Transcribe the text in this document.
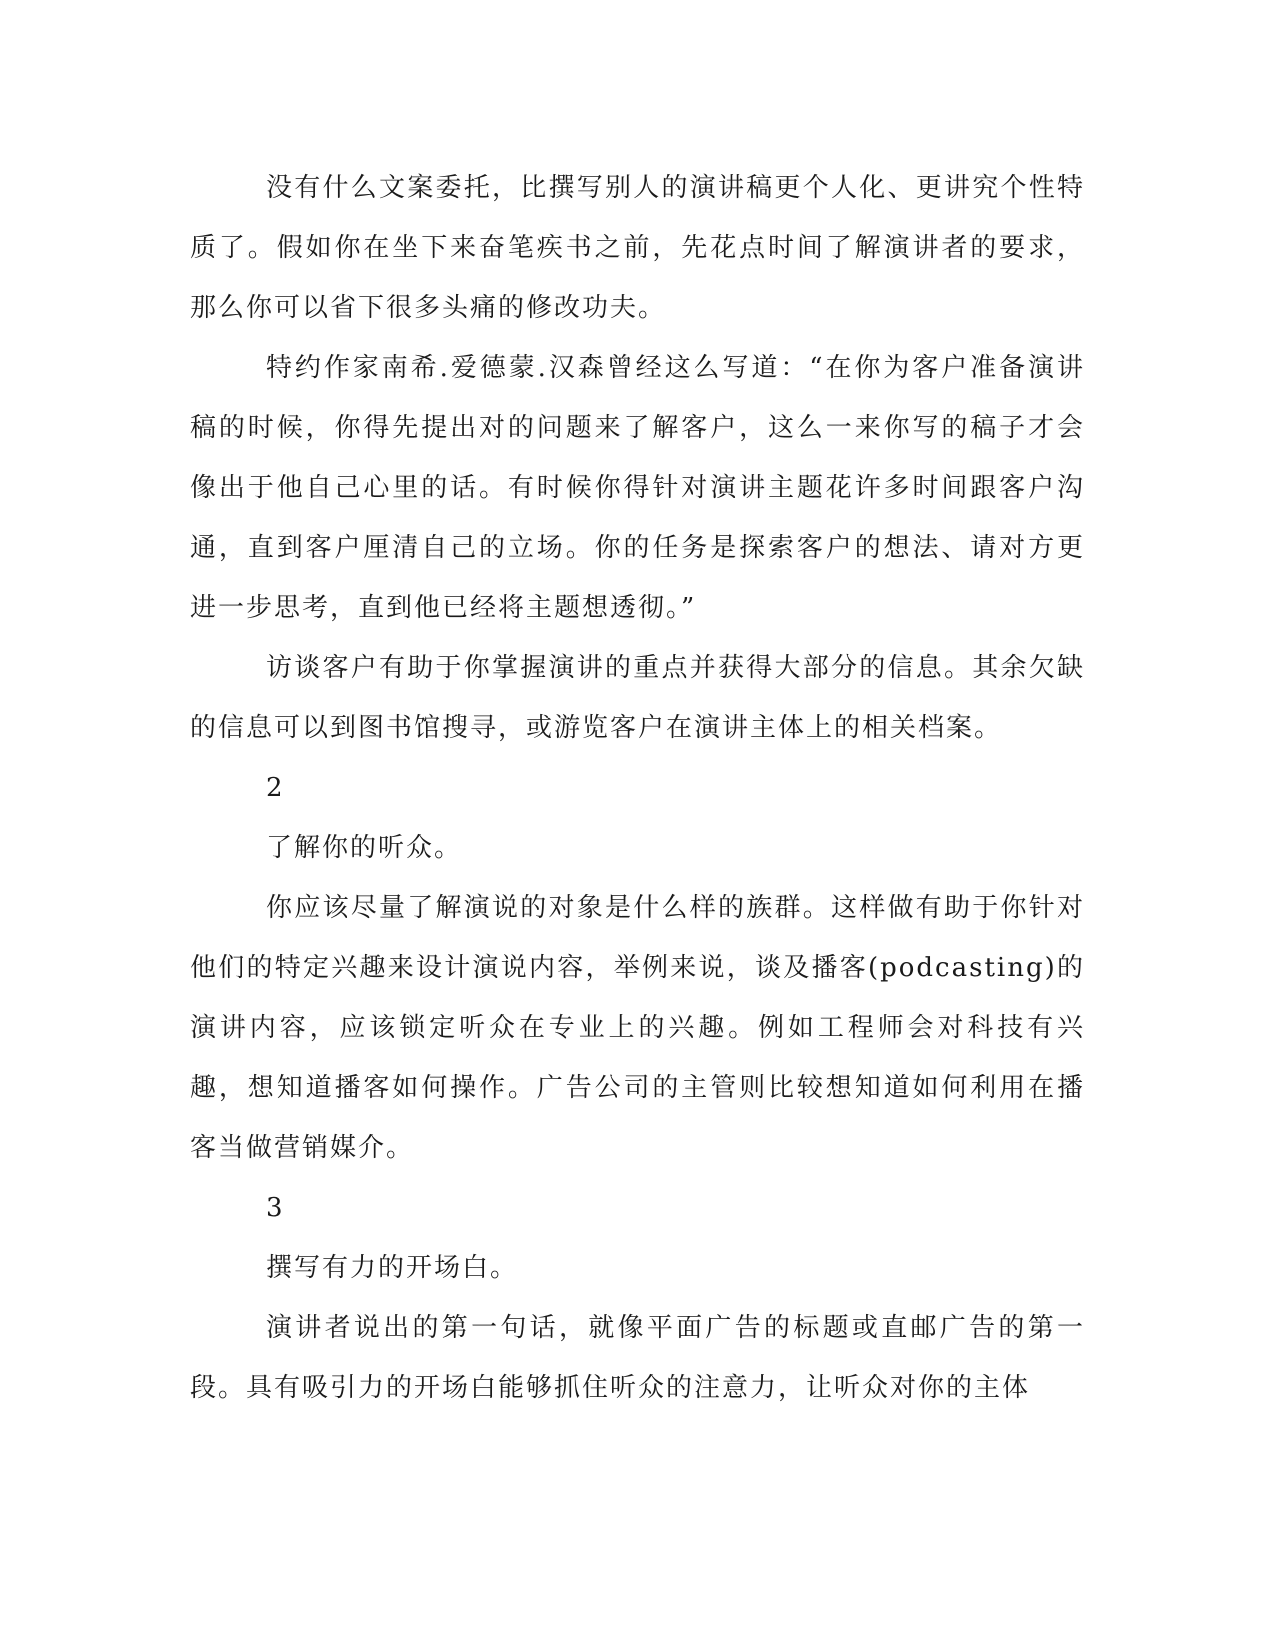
没有什么文案委托，比撰写别人的演讲稿更个人化、更讲究个性特质了。假如你在坐下来奋笔疾书之前，先花点时间了解演讲者的要求，那么你可以省下很多头痛的修改功夫。

特约作家南希.爱德蒙.汉森曾经这么写道：“在你为客户准备演讲稿的时候，你得先提出对的问题来了解客户，这么一来你写的稿子才会像出于他自己心里的话。有时候你得针对演讲主题花许多时间跟客户沟通，直到客户厘清自己的立场。你的任务是探索客户的想法、请对方更进一步思考，直到他已经将主题想透彻。”

访谈客户有助于你掌握演讲的重点并获得大部分的信息。其余欠缺的信息可以到图书馆搜寻，或游览客户在演讲主体上的相关档案。

2

了解你的听众。

你应该尽量了解演说的对象是什么样的族群。这样做有助于你针对他们的特定兴趣来设计演说内容，举例来说，谈及播客(podcasting)的演讲内容，应该锁定听众在专业上的兴趣。例如工程师会对科技有兴趣，想知道播客如何操作。广告公司的主管则比较想知道如何利用在播客当做营销媒介。

3

撰写有力的开场白。

演讲者说出的第一句话，就像平面广告的标题或直邮广告的第一段。具有吸引力的开场白能够抓住听众的注意力，让听众对你的主体
